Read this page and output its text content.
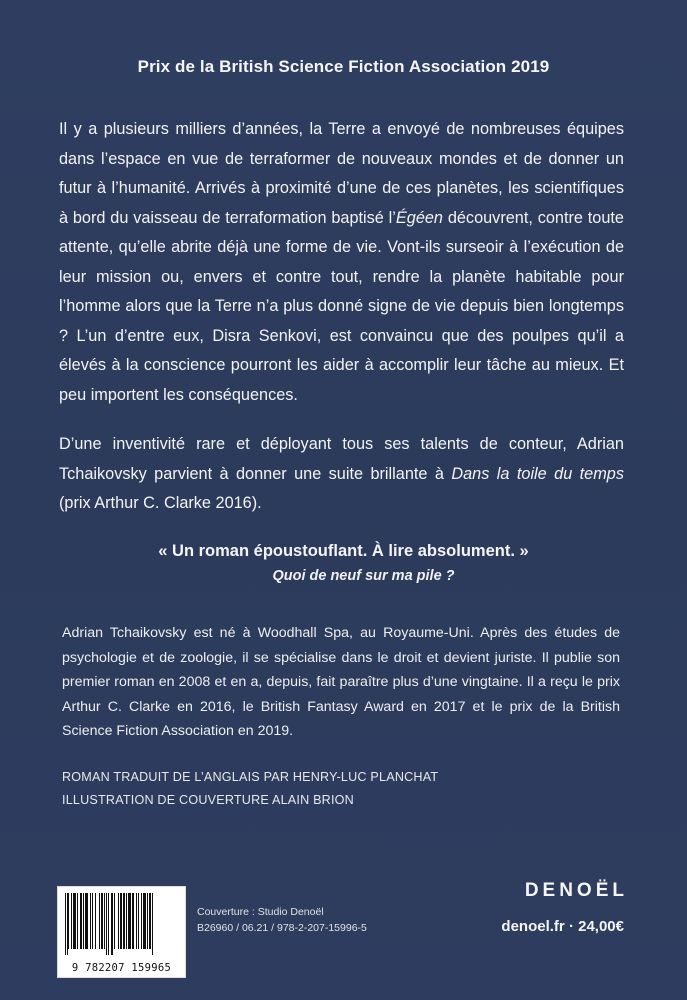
Prix de la British Science Fiction Association 2019

Il y a plusieurs milliers d’années, la Terre a envoyé de nombreuses équipes dans l’espace en vue de terraformer de nouveaux mondes et de donner un futur à l’humanité. Arrivés à proximité d’une de ces planètes, les scientifiques à bord du vaisseau de terraformation baptisé l’Égéen découvrent, contre toute attente, qu’elle abrite déjà une forme de vie. Vont-ils surseoir à l’exécution de leur mission ou, envers et contre tout, rendre la planète habitable pour l’homme alors que la Terre n’a plus donné signe de vie depuis bien longtemps ? L’un d’entre eux, Disra Senkovi, est convaincu que des poulpes qu’il a élevés à la conscience pourront les aider à accomplir leur tâche au mieux. Et peu importent les conséquences.

D’une inventivité rare et déployant tous ses talents de conteur, Adrian Tchaikovsky parvient à donner une suite brillante à Dans la toile du temps (prix Arthur C. Clarke 2016).

« Un roman époustouflant. À lire absolument. »
Quoi de neuf sur ma pile ?

Adrian Tchaikovsky est né à Woodhall Spa, au Royaume-Uni. Après des études de psychologie et de zoologie, il se spécialise dans le droit et devient juriste. Il publie son premier roman en 2008 et en a, depuis, fait paraître plus d’une vingtaine. Il a reçu le prix Arthur C. Clarke en 2016, le British Fantasy Award en 2017 et le prix de la British Science Fiction Association en 2019.

ROMAN TRADUIT DE L’ANGLAIS PAR HENRY-LUC PLANCHAT
ILLUSTRATION DE COUVERTURE ALAIN BRION
9 782207 159965
Couverture : Studio Denoël
B26960 / 06.21 / 978-2-207-15996-5
DENOËL
denoel.fr · 24,00€
